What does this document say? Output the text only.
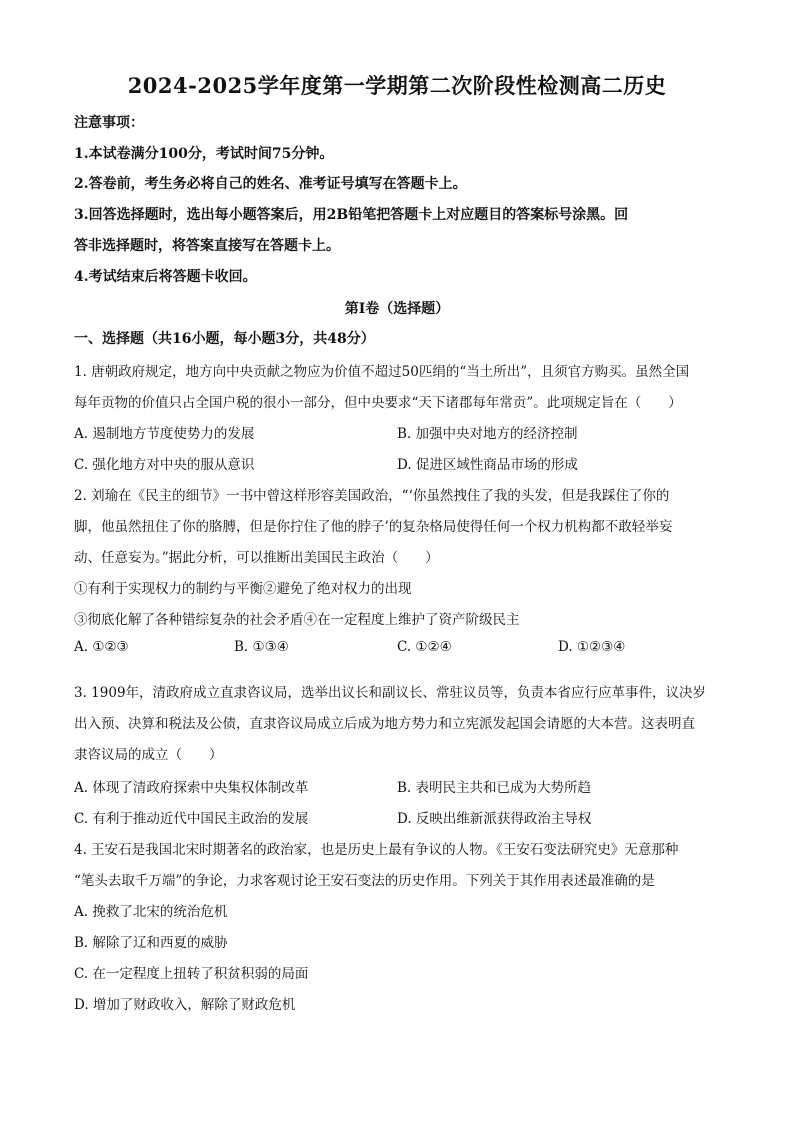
2024-2025学年度第一学期第二次阶段性检测高二历史
注意事项：
1.本试卷满分100分，考试时间75分钟。
2.答卷前，考生务必将自己的姓名、准考证号填写在答题卡上。
3.回答选择题时，选出每小题答案后，用2B铅笔把答题卡上对应题目的答案标号涂黑。回
答非选择题时，将答案直接写在答题卡上。
4.考试结束后将答题卡收回。
第Ⅰ卷（选择题）
一、选择题（共16小题，每小题3分，共48分）
1. 唐朝政府规定，地方向中央贡献之物应为价值不超过50匹绢的“当土所出”，且须官方购买。虽然全国
每年贡物的价值只占全国户税的很小一部分，但中央要求“天下诸郡每年常贡”。此项规定旨在（　　）
A. 遏制地方节度使势力的发展	B. 加强中央对地方的经济控制
C. 强化地方对中央的服从意识	D. 促进区域性商品市场的形成
2. 刘瑜在《民主的细节》一书中曾这样形容美国政治，“‘你虽然拽住了我的头发，但是我踩住了你的
脚，他虽然扭住了你的胳膊，但是你拧住了他的脖子’的复杂格局使得任何一个权力机构都不敢轻举妄
动、任意妄为。”据此分析，可以推断出美国民主政治（　　）
①有利于实现权力的制约与平衡②避免了绝对权力的出现
③彻底化解了各种错综复杂的社会矛盾④在一定程度上维护了资产阶级民主
A. ①②③	B. ①③④	C. ①②④	D. ①②③④
3. 1909年，清政府成立直隶咨议局，选举出议长和副议长、常驻议员等，负责本省应行应革事件，议决岁
出入预、决算和税法及公债，直隶咨议局成立后成为地方势力和立宪派发起国会请愿的大本营。这表明直
隶咨议局的成立（　　）
A. 体现了清政府探索中央集权体制改革	B. 表明民主共和已成为大势所趋
C. 有利于推动近代中国民主政治的发展	D. 反映出维新派获得政治主导权
4. 王安石是我国北宋时期著名的政治家，也是历史上最有争议的人物。《王安石变法研究史》无意那种
“笔头去取千万端”的争论，力求客观讨论王安石变法的历史作用。下列关于其作用表述最准确的是
A. 挽救了北宋的统治危机
B. 解除了辽和西夏的威胁
C. 在一定程度上扭转了积贫积弱的局面
D. 增加了财政收入，解除了财政危机
